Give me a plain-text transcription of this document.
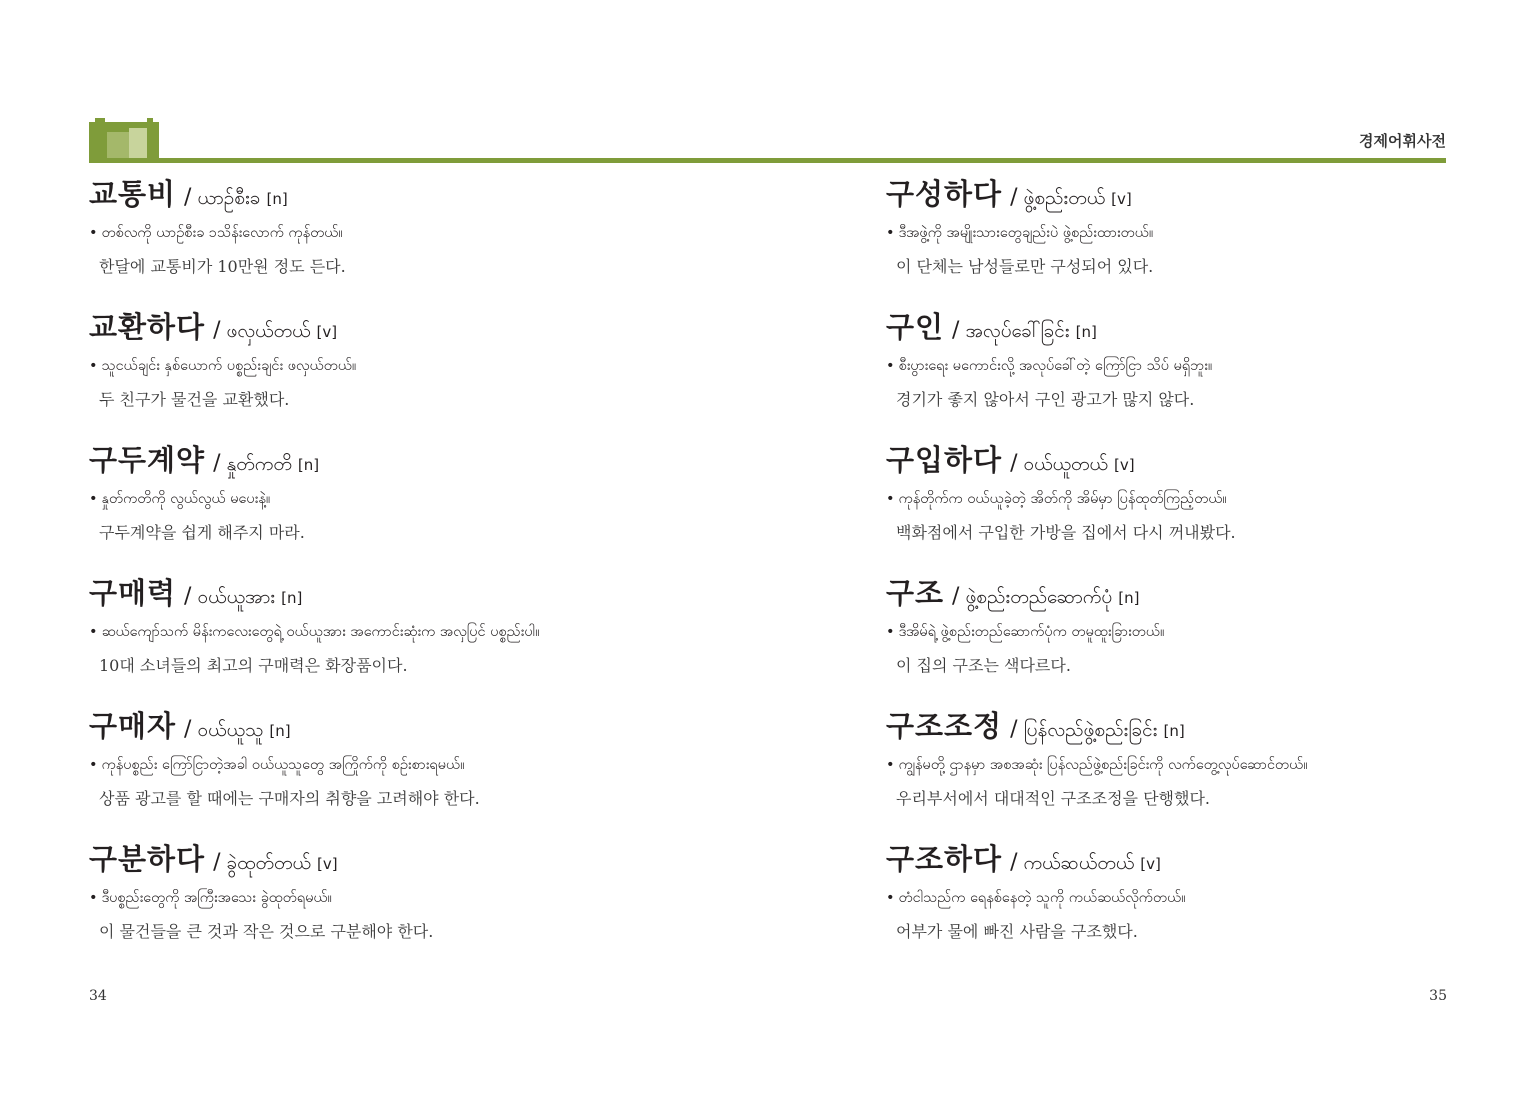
경제어휘사전
교통비 / ယာဉ်စီးခ [n]
• တစ်လကို ယာဉ်စီးခ ၁သိန်းလောက် ကုန်တယ်။
한달에 교통비가 10만원 정도 든다.
교환하다 / ဖလှယ်တယ် [v]
• သူငယ်ချင်း နှစ်ယောက် ပစ္စည်းချင်း ဖလှယ်တယ်။
두 친구가 물건을 교환했다.
구두계약 / နှုတ်ကတိ [n]
• နှုတ်ကတိကို လွယ်လွယ် မပေးနဲ့။
구두계약을 쉽게 해주지 마라.
구매력 / ဝယ်ယူအား [n]
• ဆယ်ကျော်သက် မိန်းကလေးတွေရဲ့ ဝယ်ယူအား အကောင်းဆုံးက အလှပြင် ပစ္စည်းပါ။
10대 소녀들의 최고의 구매력은 화장품이다.
구매자 / ဝယ်ယူသူ [n]
• ကုန်ပစ္စည်း ကြော်ငြာတဲ့အခါ ဝယ်ယူသူတွေ အကြိုက်ကို စဉ်းစားရမယ်။
상품 광고를 할 때에는 구매자의 취향을 고려해야 한다.
구분하다 / ခွဲထုတ်တယ် [v]
• ဒီပစ္စည်းတွေကို အကြီးအသေး ခွဲထုတ်ရမယ်။
이 물건들을 큰 것과 작은 것으로 구분해야 한다.
구성하다 / ဖွဲ့စည်းတယ် [v]
• ဒီအဖွဲ့ကို အမျိုးသားတွေချည်းပဲ ဖွဲ့စည်းထားတယ်။
이 단체는 남성들로만 구성되어 있다.
구인 / အလုပ်ခေါ်ခြင်း [n]
• စီးပွားရေး မကောင်းလို့ အလုပ်ခေါ်တဲ့ ကြော်ငြာ သိပ် မရှိဘူး။
경기가 좋지 않아서 구인 광고가 많지 않다.
구입하다 / ဝယ်ယူတယ် [v]
• ကုန်တိုက်က ဝယ်ယူခဲ့တဲ့ အိတ်ကို အိမ်မှာ ပြန်ထုတ်ကြည့်တယ်။
백화점에서 구입한 가방을 집에서 다시 꺼내봤다.
구조 / ဖွဲ့စည်းတည်ဆောက်ပုံ [n]
• ဒီအိမ်ရဲ့ ဖွဲ့စည်းတည်ဆောက်ပုံက တမူထူးခြားတယ်။
이 집의 구조는 색다르다.
구조조정 / ပြန်လည်ဖွဲ့စည်းခြင်း [n]
• ကျွန်မတို့ ဌာနမှာ အစအဆုံး ပြန်လည်ဖွဲ့စည်းခြင်းကို လက်တွေ့လုပ်ဆောင်တယ်။
우리부서에서 대대적인 구조조정을 단행했다.
구조하다 / ကယ်ဆယ်တယ် [v]
• တံငါသည်က ရေနစ်နေတဲ့ သူကို ကယ်ဆယ်လိုက်တယ်။
어부가 물에 빠진 사람을 구조했다.
34	35
